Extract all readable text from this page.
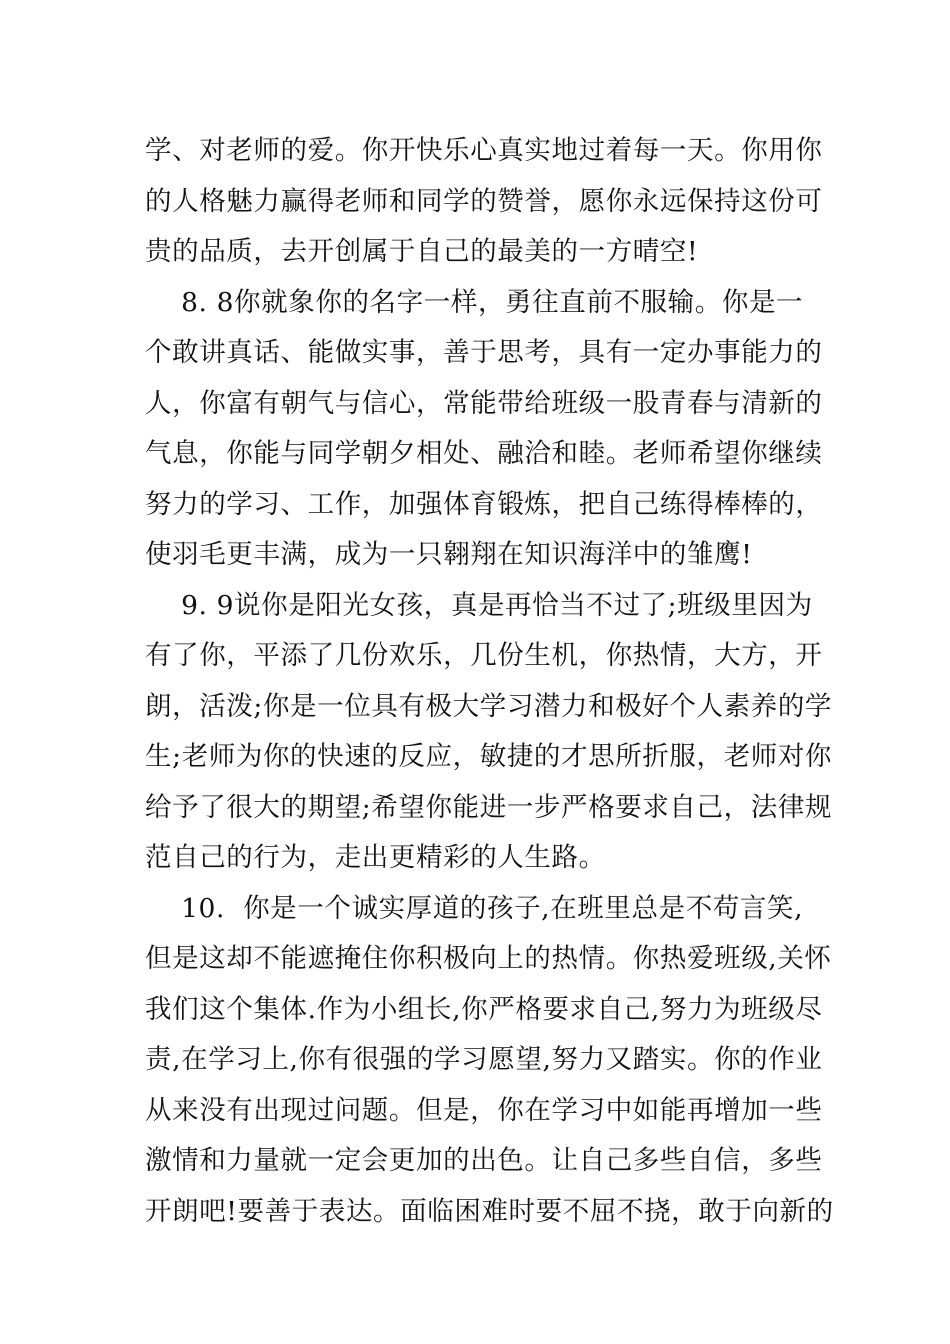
学、对老师的爱。你开快乐心真实地过着每一天。你用你
的人格魅力赢得老师和同学的赞誉，愿你永远保持这份可
贵的品质，去开创属于自己的最美的一方晴空!
8. 8你就象你的名字一样，勇往直前不服输。你是一
个敢讲真话、能做实事，善于思考，具有一定办事能力的
人，你富有朝气与信心，常能带给班级一股青春与清新的
气息，你能与同学朝夕相处、融洽和睦。老师希望你继续
努力的学习、工作，加强体育锻炼，把自己练得棒棒的，
使羽毛更丰满，成为一只翱翔在知识海洋中的雏鹰!
9. 9说你是阳光女孩，真是再恰当不过了;班级里因为
有了你，平添了几份欢乐，几份生机，你热情，大方，开
朗，活泼;你是一位具有极大学习潜力和极好个人素养的学
生;老师为你的快速的反应，敏捷的才思所折服，老师对你
给予了很大的期望;希望你能进一步严格要求自己，法律规
范自己的行为，走出更精彩的人生路。
10.  你是一个诚实厚道的孩子,在班里总是不苟言笑,
但是这却不能遮掩住你积极向上的热情。你热爱班级,关怀
我们这个集体.作为小组长,你严格要求自己,努力为班级尽
责,在学习上,你有很强的学习愿望,努力又踏实。你的作业
从来没有出现过问题。但是，你在学习中如能再增加一些
激情和力量就一定会更加的出色。让自己多些自信，多些
开朗吧!要善于表达。面临困难时要不屈不挠，敢于向新的
